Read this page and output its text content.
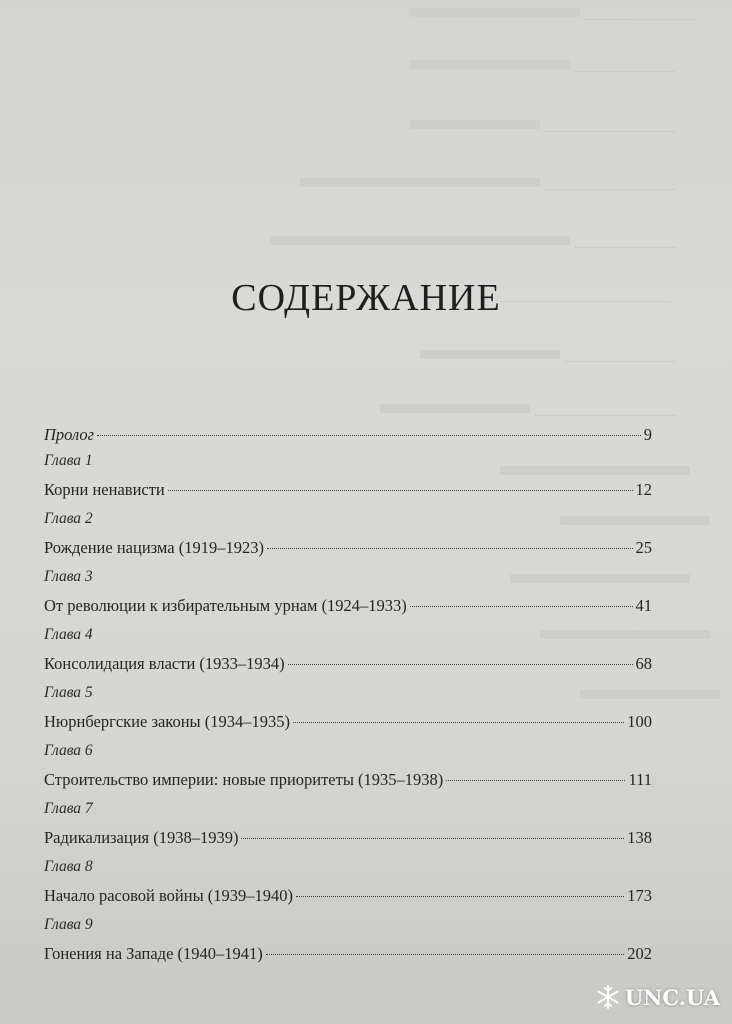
СОДЕРЖАНИЕ
Пролог	9
Глава 1
Корни ненависти	12
Глава 2
Рождение нацизма (1919–1923)	25
Глава 3
От революции к избирательным урнам (1924–1933)	41
Глава 4
Консолидация власти (1933–1934)	68
Глава 5
Нюрнбергские законы (1934–1935)	100
Глава 6
Строительство империи: новые приоритеты (1935–1938)	111
Глава 7
Радикализация (1938–1939)	138
Глава 8
Начало расовой войны (1939–1940)	173
Глава 9
Гонения на Западе (1940–1941)	202
UNC.UA
